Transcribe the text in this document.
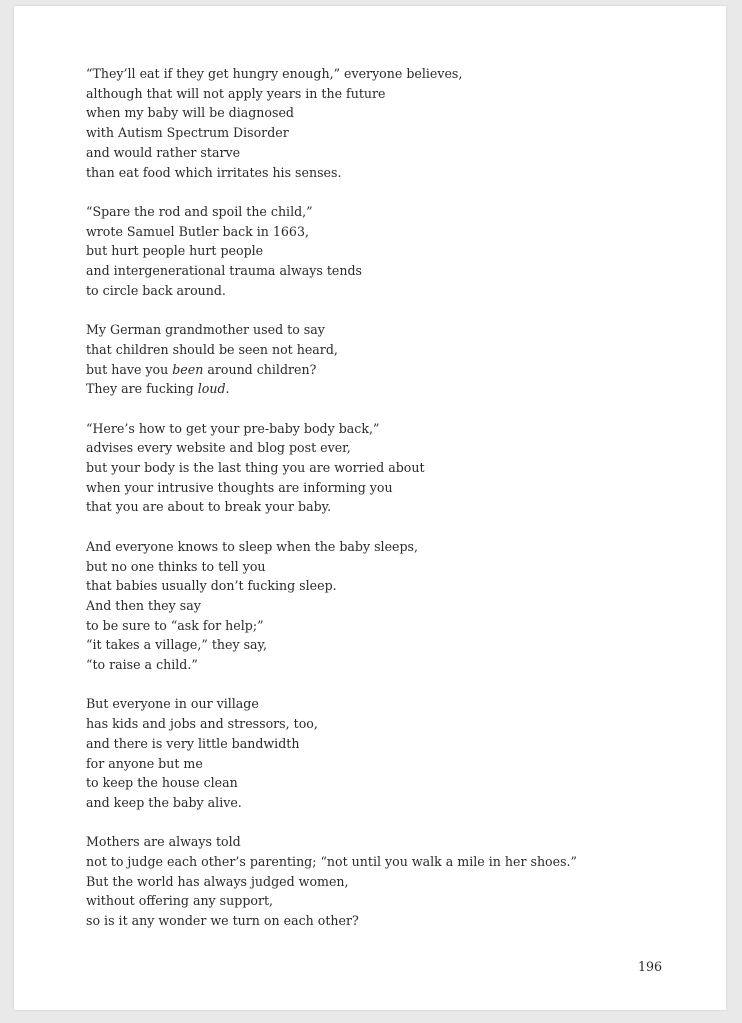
“They’ll eat if they get hungry enough,” everyone believes,
although that will not apply years in the future
when my baby will be diagnosed
with Autism Spectrum Disorder
and would rather starve
than eat food which irritates his senses.
“Spare the rod and spoil the child,”
wrote Samuel Butler back in 1663,
but hurt people hurt people
and intergenerational trauma always tends
to circle back around.
My German grandmother used to say
that children should be seen not heard,
but have you been around children?
They are fucking loud.
“Here’s how to get your pre-baby body back,”
advises every website and blog post ever,
but your body is the last thing you are worried about
when your intrusive thoughts are informing you
that you are about to break your baby.
And everyone knows to sleep when the baby sleeps,
but no one thinks to tell you
that babies usually don’t fucking sleep.
And then they say
to be sure to “ask for help;”
“it takes a village,” they say,
“to raise a child.”
But everyone in our village
has kids and jobs and stressors, too,
and there is very little bandwidth
for anyone but me
to keep the house clean
and keep the baby alive.
Mothers are always told
not to judge each other’s parenting; “not until you walk a mile in her shoes.”
But the world has always judged women,
without offering any support,
so is it any wonder we turn on each other?
196
